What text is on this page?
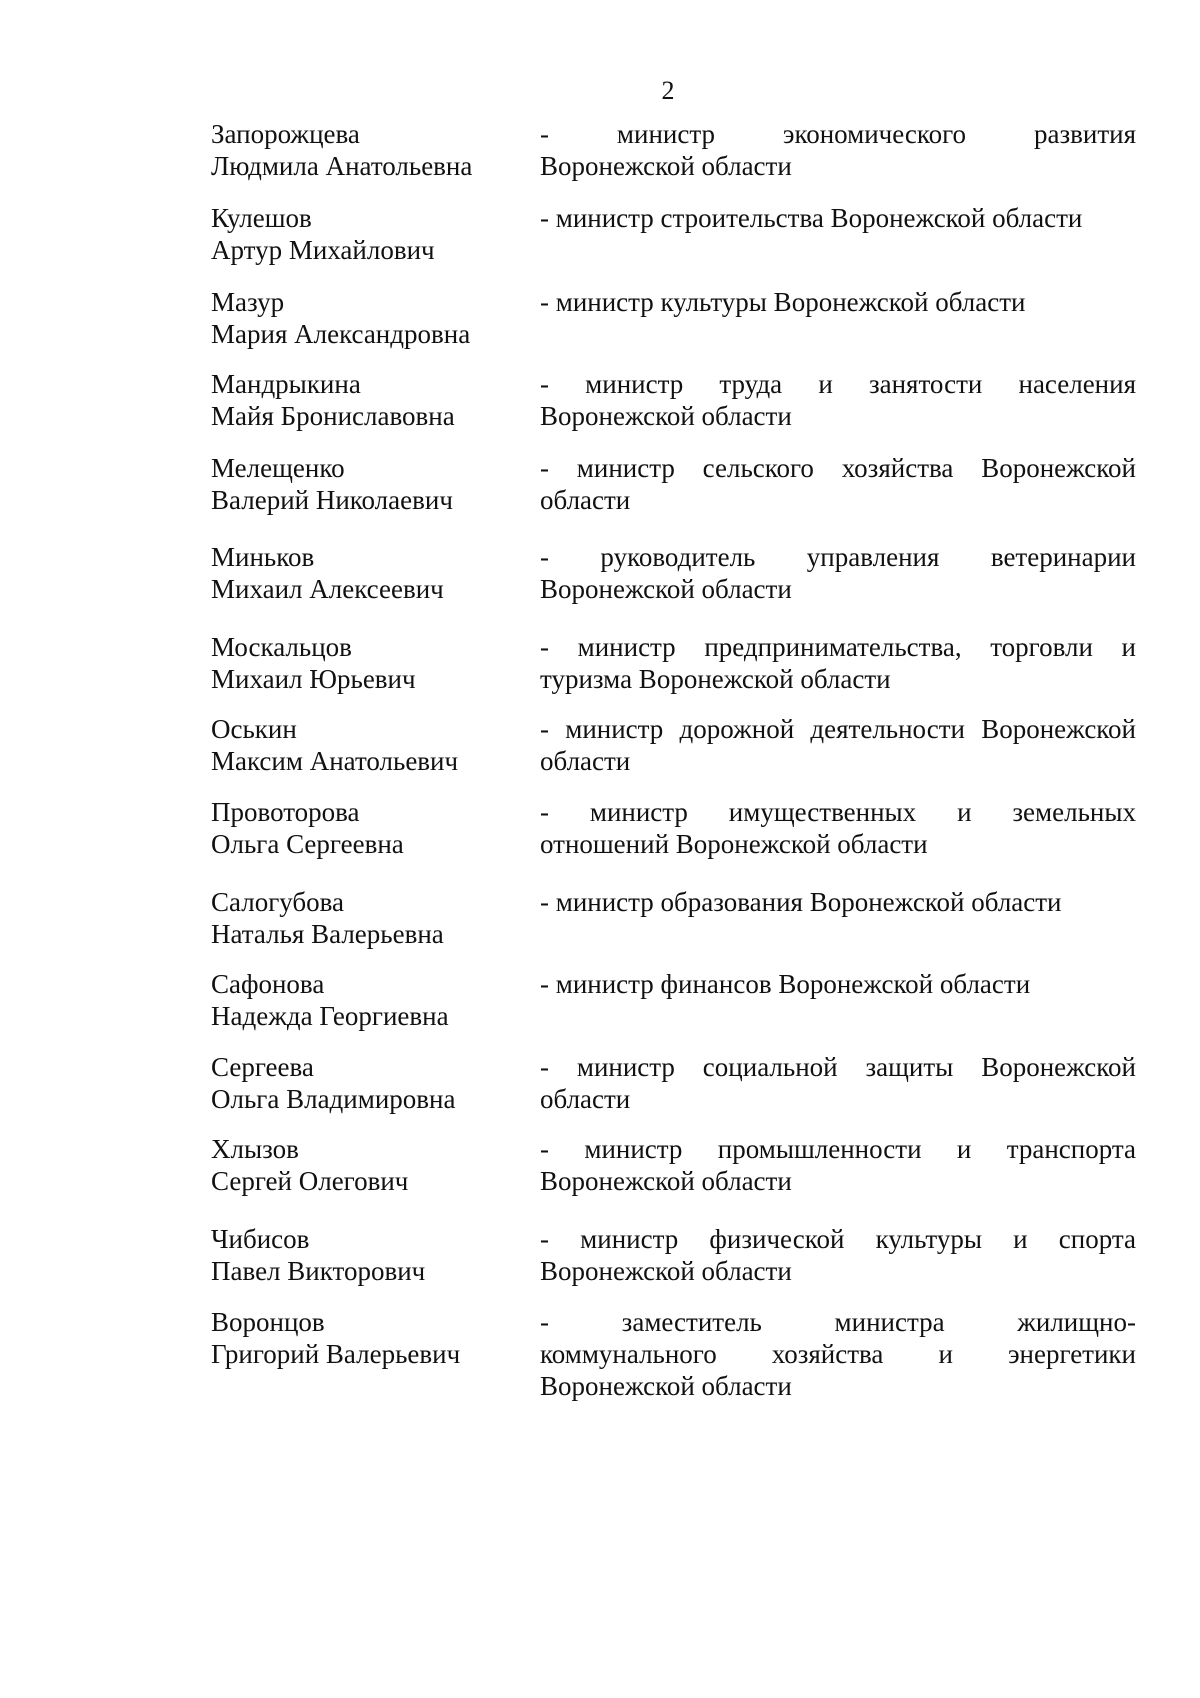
2
Запорожцева
Людмила Анатольевна
- министр экономического развития
Воронежской области
Кулешов
Артур Михайлович
- министр строительства Воронежской области
Мазур
Мария Александровна
- министр культуры Воронежской области
Мандрыкина
Майя Брониславовна
- министр труда и занятости населения
Воронежской области
Мелещенко
Валерий Николаевич
- министр сельского хозяйства Воронежской
области
Миньков
Михаил Алексеевич
- руководитель управления ветеринарии
Воронежской области
Москальцов
Михаил Юрьевич
- министр предпринимательства, торговли и
туризма Воронежской области
Оськин
Максим Анатольевич
- министр дорожной деятельности Воронежской
области
Провоторова
Ольга Сергеевна
- министр имущественных и земельных
отношений Воронежской области
Салогубова
Наталья Валерьевна
- министр образования Воронежской области
Сафонова
Надежда Георгиевна
- министр финансов Воронежской области
Сергеева
Ольга Владимировна
- министр социальной защиты Воронежской
области
Хлызов
Сергей Олегович
- министр промышленности и транспорта
Воронежской области
Чибисов
Павел Викторович
- министр физической культуры и спорта
Воронежской области
Воронцов
Григорий Валерьевич
- заместитель министра жилищно-
коммунального хозяйства и энергетики
Воронежской области
